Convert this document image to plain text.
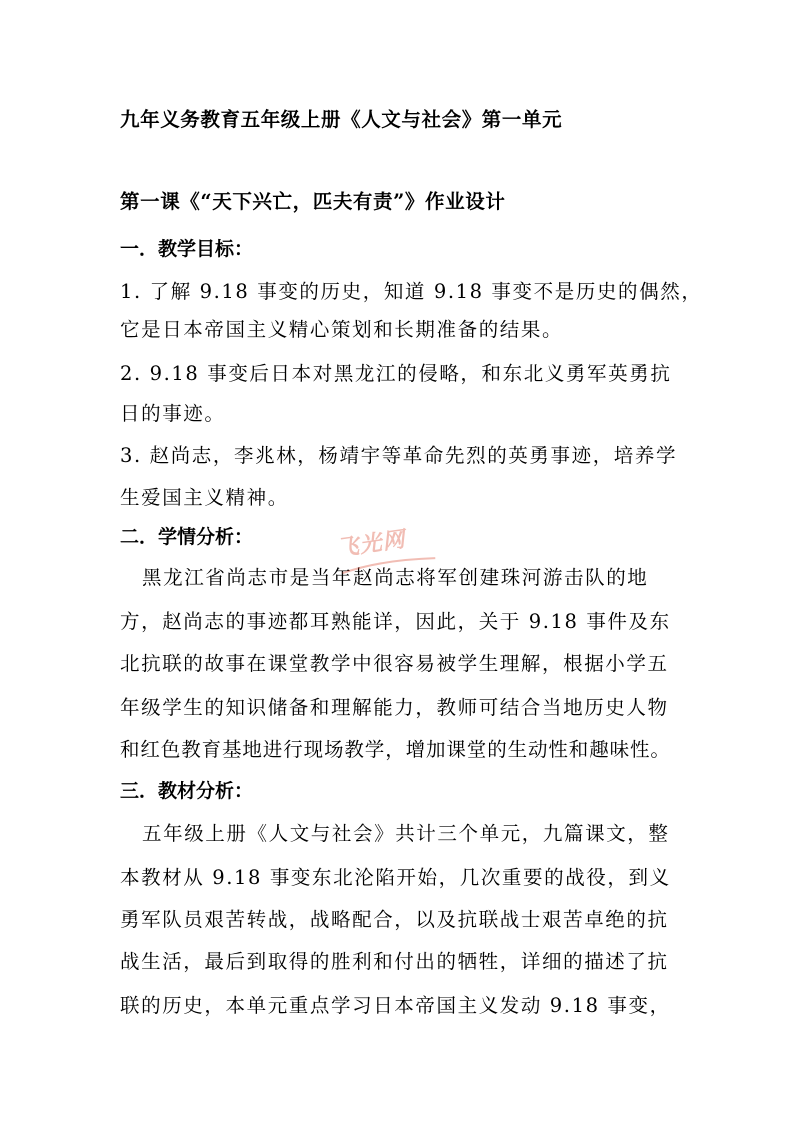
九年义务教育五年级上册《人文与社会》第一单元
第一课《“天下兴亡，匹夫有责”》作业设计
一．教学目标：
1. 了解 9.18 事变的历史，知道 9.18 事变不是历史的偶然，
它是日本帝国主义精心策划和长期准备的结果。
2. 9.18 事变后日本对黑龙江的侵略，和东北义勇军英勇抗
日的事迹。
3. 赵尚志，李兆林，杨靖宇等革命先烈的英勇事迹，培养学
生爱国主义精神。
二．学情分析：
黑龙江省尚志市是当年赵尚志将军创建珠河游击队的地
方，赵尚志的事迹都耳熟能详，因此，关于 9.18 事件及东
北抗联的故事在课堂教学中很容易被学生理解，根据小学五
年级学生的知识储备和理解能力，教师可结合当地历史人物
和红色教育基地进行现场教学，增加课堂的生动性和趣味性。
三．教材分析：
五年级上册《人文与社会》共计三个单元，九篇课文，整
本教材从 9.18 事变东北沦陷开始，几次重要的战役，到义
勇军队员艰苦转战，战略配合，以及抗联战士艰苦卓绝的抗
战生活，最后到取得的胜利和付出的牺牲，详细的描述了抗
联的历史，本单元重点学习日本帝国主义发动 9.18 事变，
飞光网
